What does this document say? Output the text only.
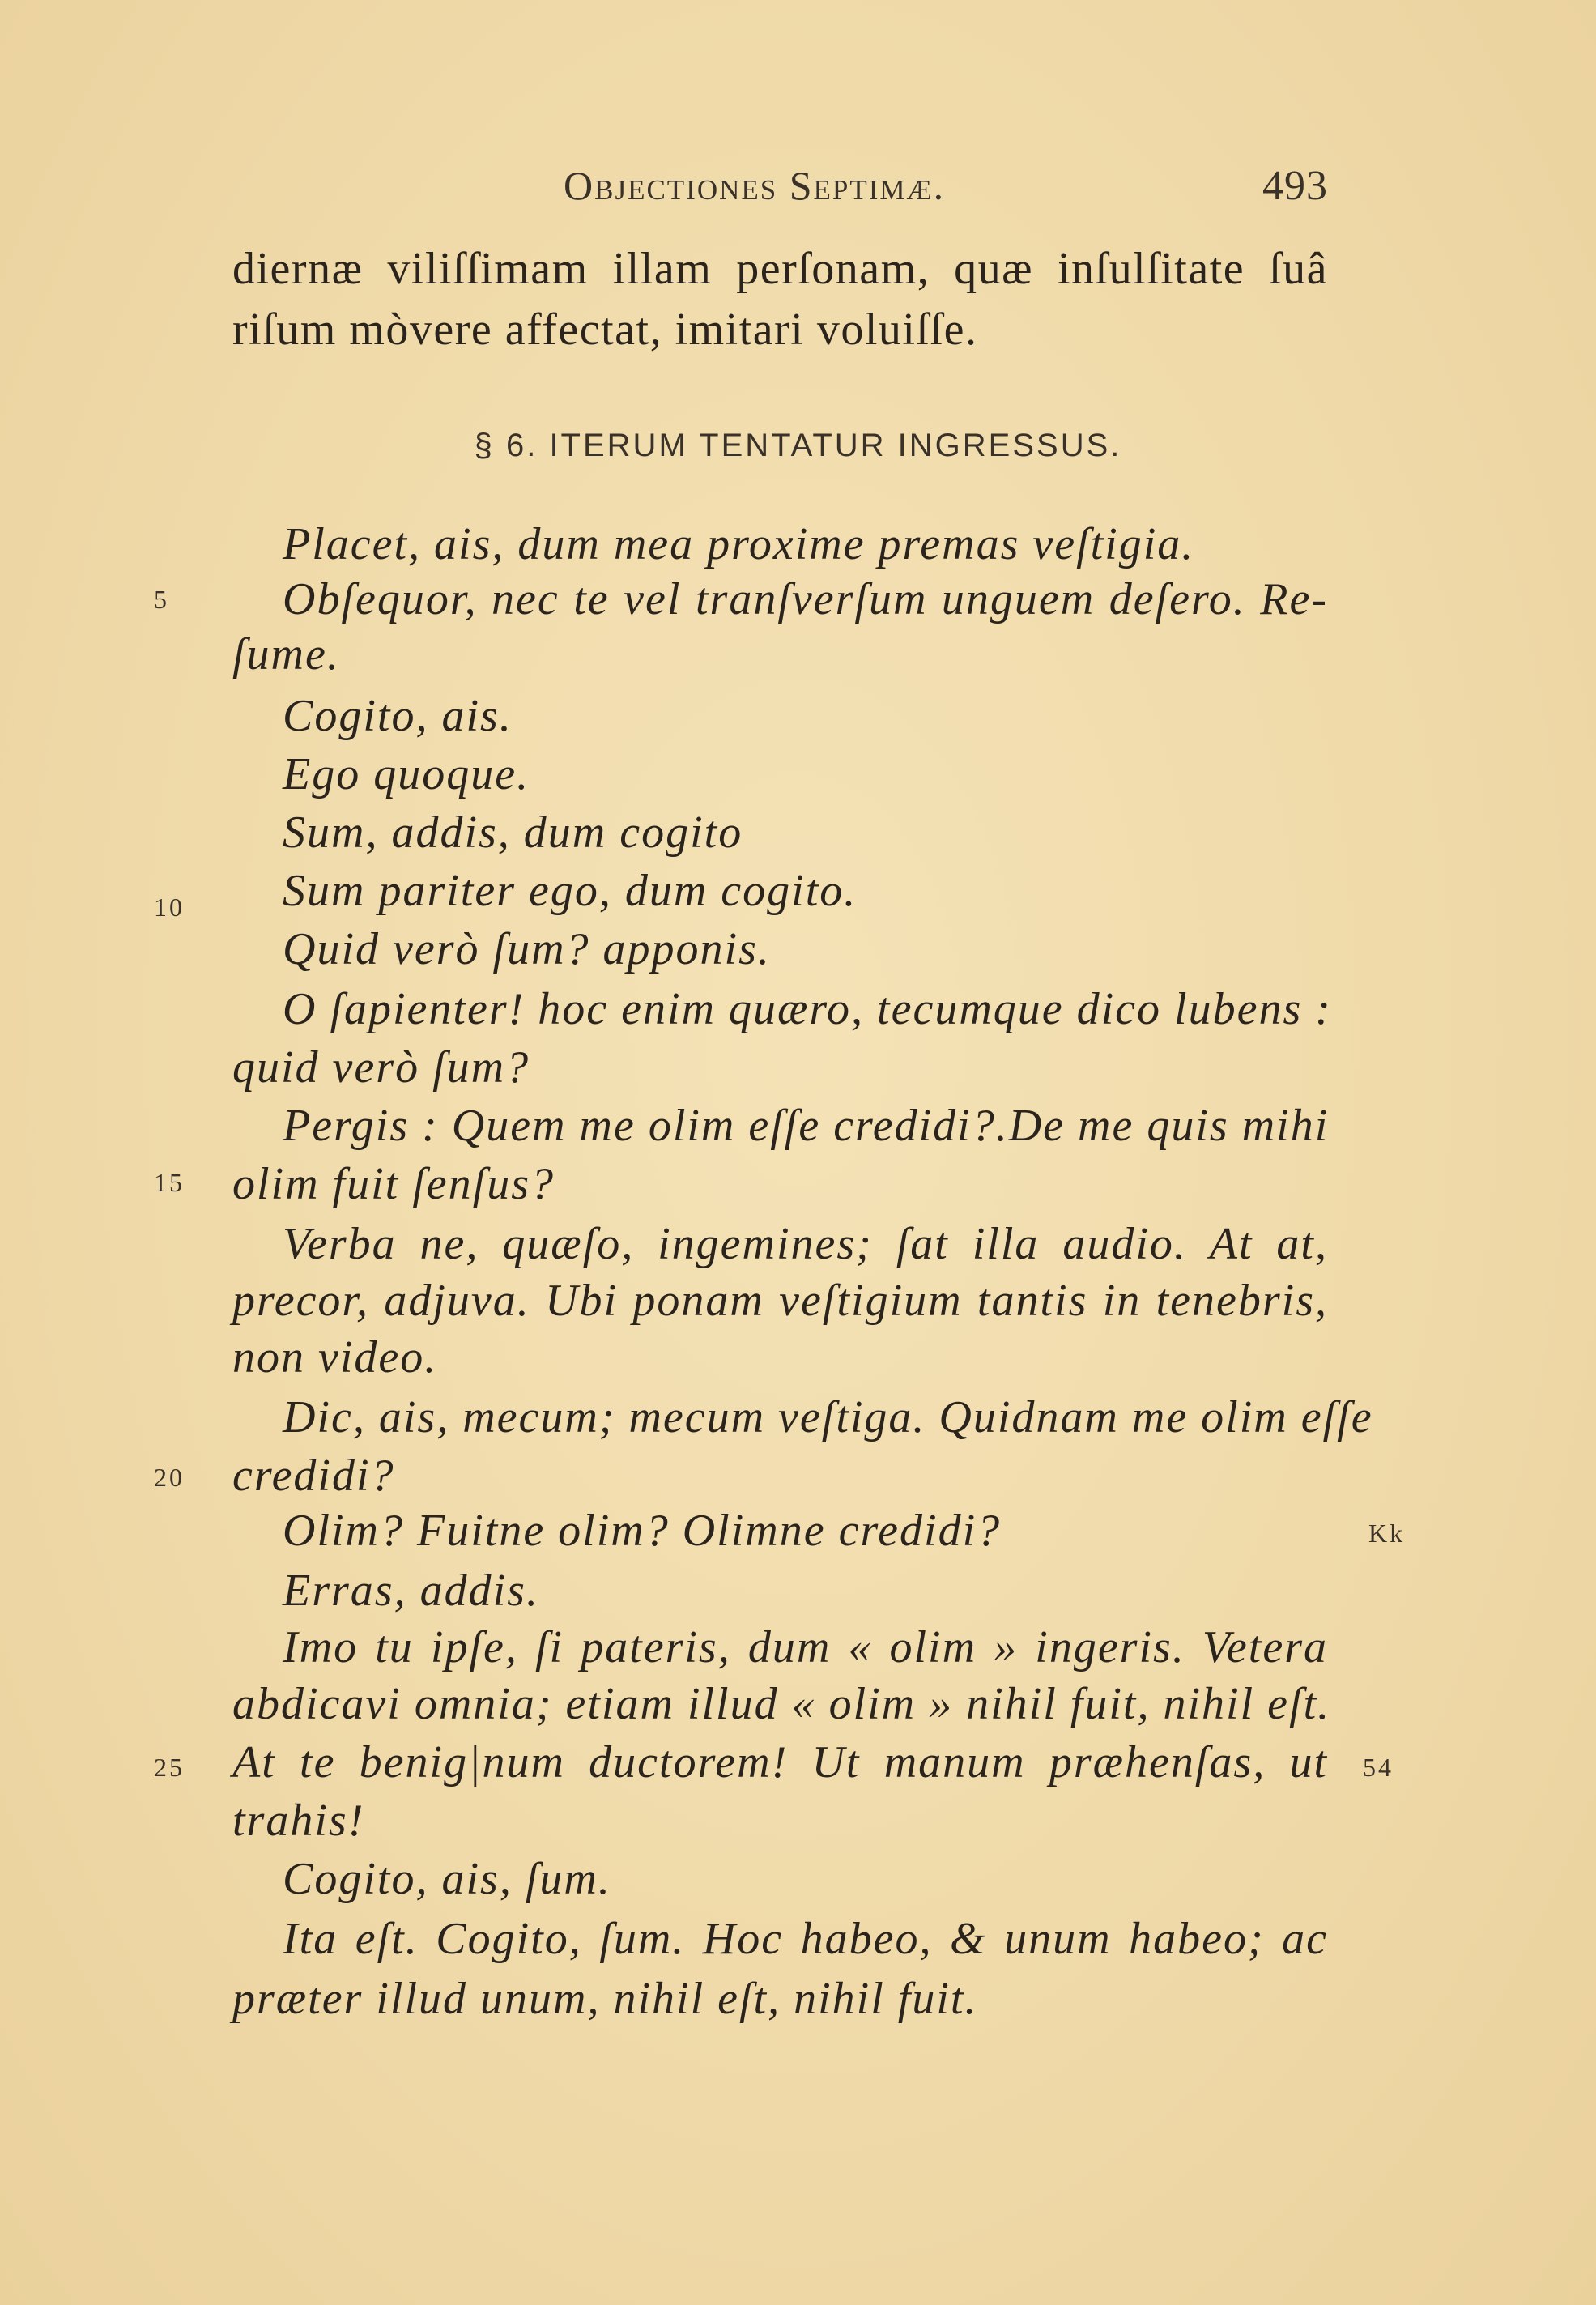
Objectiones Septimæ.	493
diernæ viliſſimam illam perſonam, quæ inſulſitate ſuâ
riſum mòvere affectat, imitari voluiſſe.
§ 6. ITERUM TENTATUR INGRESSUS.
Placet, ais, dum mea proxime premas veſtigia.
Obſequor, nec te vel tranſverſum unguem deſero. Re-
ſume.
Cogito, ais.
Ego quoque.
Sum, addis, dum cogito
Sum pariter ego, dum cogito.
Quid verò ſum? apponis.
O ſapienter! hoc enim quæro, tecumque dico lubens :
quid verò ſum?
Pergis : Quem me olim eſſe credidi?.De me quis mihi
olim fuit ſenſus?
Verba ne, quæſo, ingemines; ſat illa audio. At at,
precor, adjuva. Ubi ponam veſtigium tantis in tenebris,
non video.
Dic, ais, mecum; mecum veſtiga. Quidnam me olim eſſe
credidi?
Olim? Fuitne olim? Olimne credidi?
Erras, addis.
Imo tu ipſe, ſi pateris, dum « olim » ingeris. Vetera
abdicavi omnia; etiam illud « olim » nihil fuit, nihil eſt.
At te benig|num ductorem! Ut manum præhenſas, ut
trahis!
Cogito, ais, ſum.
Ita eſt. Cogito, ſum. Hoc habeo, & unum habeo; ac
præter illud unum, nihil eſt, nihil fuit.
5
10
15
20
25
Kk
54
